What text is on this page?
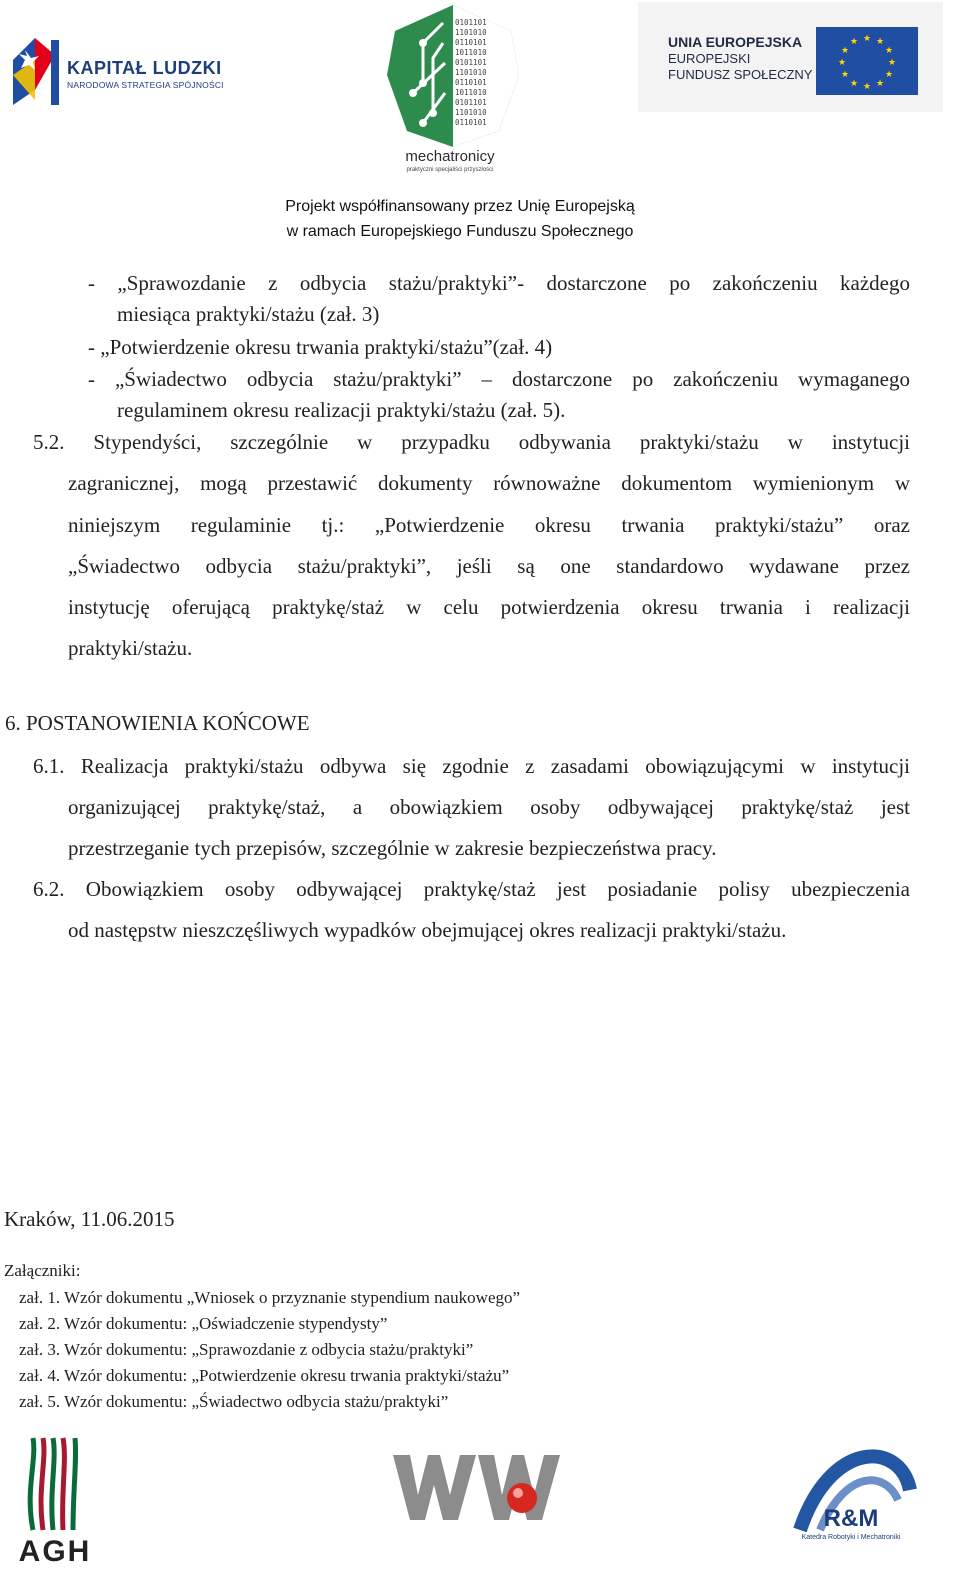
KAPITAŁ LUDZKI
NARODOWA STRATEGIA SPÓJNOŚCI
0101101
1101010
0110101
1011010
0101101
1101010
0110101
1011010
0101101
1101010
0110101
mechatronicy
praktyczni specjaliści przyszłości
UNIA EUROPEJSKA
EUROPEJSKI
FUNDUSZ SPOŁECZNY
★ ★
★
★
★
★
★
★
★
★
★
★
Projekt współfinansowany przez Unię Europejską
w ramach Europejskiego Funduszu Społecznego
- „Sprawozdanie z odbycia stażu/praktyki”- dostarczone po zakończeniu każdego
miesiąca praktyki/stażu (zał. 3)
- „Potwierdzenie okresu trwania praktyki/stażu”(zał. 4)
- „Świadectwo odbycia stażu/praktyki” – dostarczone po zakończeniu wymaganego
regulaminem okresu realizacji praktyki/stażu (zał. 5).
5.2. Stypendyści, szczególnie w przypadku odbywania praktyki/stażu w instytucji
zagranicznej, mogą przestawić dokumenty równoważne dokumentom wymienionym w
niniejszym regulaminie tj.: „Potwierdzenie okresu trwania praktyki/stażu” oraz
„Świadectwo odbycia stażu/praktyki”, jeśli są one standardowo wydawane przez
instytucję oferującą praktykę/staż w celu potwierdzenia okresu trwania i realizacji
praktyki/stażu.
6. POSTANOWIENIA KOŃCOWE
6.1. Realizacja praktyki/stażu odbywa się zgodnie z zasadami obowiązującymi w instytucji
organizującej praktykę/staż, a obowiązkiem osoby odbywającej praktykę/staż jest
przestrzeganie tych przepisów, szczególnie w zakresie bezpieczeństwa pracy.
6.2. Obowiązkiem osoby odbywającej praktykę/staż jest posiadanie polisy ubezpieczenia
od następstw nieszczęśliwych wypadków obejmującej okres realizacji praktyki/stażu.
Kraków, 11.06.2015
Załączniki:
zał. 1. Wzór dokumentu „Wniosek o przyznanie stypendium naukowego”
zał. 2. Wzór dokumentu: „Oświadczenie stypendysty”
zał. 3. Wzór dokumentu: „Sprawozdanie z odbycia stażu/praktyki”
zał. 4. Wzór dokumentu: „Potwierdzenie okresu trwania praktyki/stażu”
zał. 5. Wzór dokumentu: „Świadectwo odbycia stażu/praktyki”
AGH
R&M
Katedra Robotyki i Mechatroniki
